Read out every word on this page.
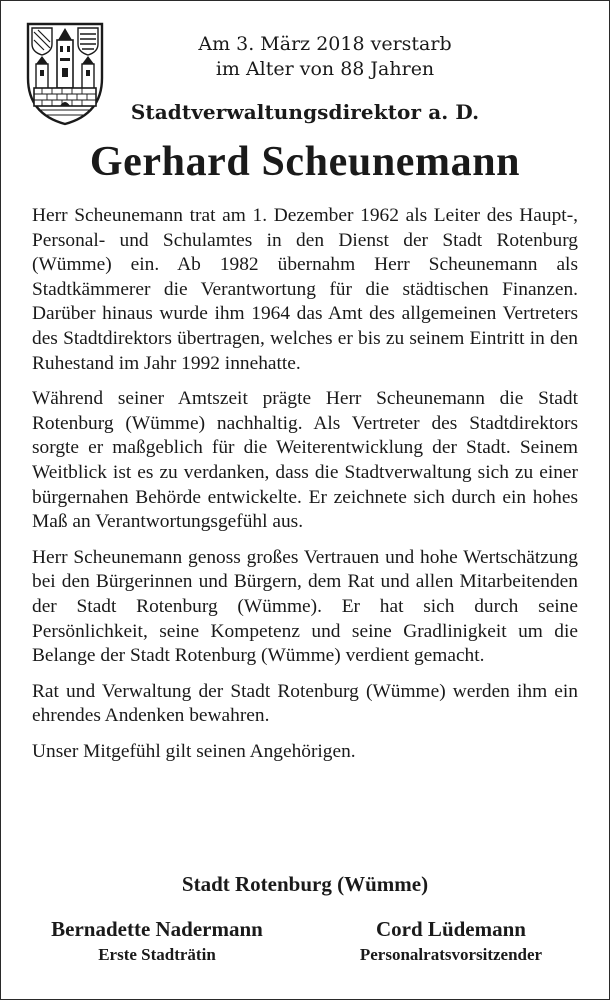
Am 3. März 2018 verstarb
im Alter von 88 Jahren
Stadtverwaltungsdirektor a. D.
Gerhard Scheunemann

Herr Scheunemann trat am 1. Dezember 1962 als Leiter des Haupt-, Personal- und Schulamtes in den Dienst der Stadt Rotenburg (Wümme) ein. Ab 1982 übernahm Herr Scheunemann als Stadtkämmerer die Verantwortung für die städtischen Finanzen. Darüber hinaus wurde ihm 1964 das Amt des allgemeinen Vertreters des Stadtdirektors übertragen, welches er bis zu seinem Eintritt in den Ruhestand im Jahr 1992 innehatte.

Während seiner Amtszeit prägte Herr Scheunemann die Stadt Rotenburg (Wümme) nachhaltig. Als Vertreter des Stadtdirektors sorgte er maßgeblich für die Weiterentwicklung der Stadt. Seinem Weitblick ist es zu verdanken, dass die Stadtverwaltung sich zu einer bürgernahen Behörde entwickelte. Er zeichnete sich durch ein hohes Maß an Verantwortungsgefühl aus.

Herr Scheunemann genoss großes Vertrauen und hohe Wertschätzung bei den Bürgerinnen und Bürgern, dem Rat und allen Mitarbeitenden der Stadt Rotenburg (Wümme). Er hat sich durch seine Persönlichkeit, seine Kompetenz und seine Gradlinigkeit um die Belange der Stadt Rotenburg (Wümme) verdient gemacht.

Rat und Verwaltung der Stadt Rotenburg (Wümme) werden ihm ein ehrendes Andenken bewahren.

Unser Mitgefühl gilt seinen Angehörigen.

Stadt Rotenburg (Wümme)
Bernadette Nadermann
Erste Stadträtin
Cord Lüdemann
Personalratsvorsitzender
